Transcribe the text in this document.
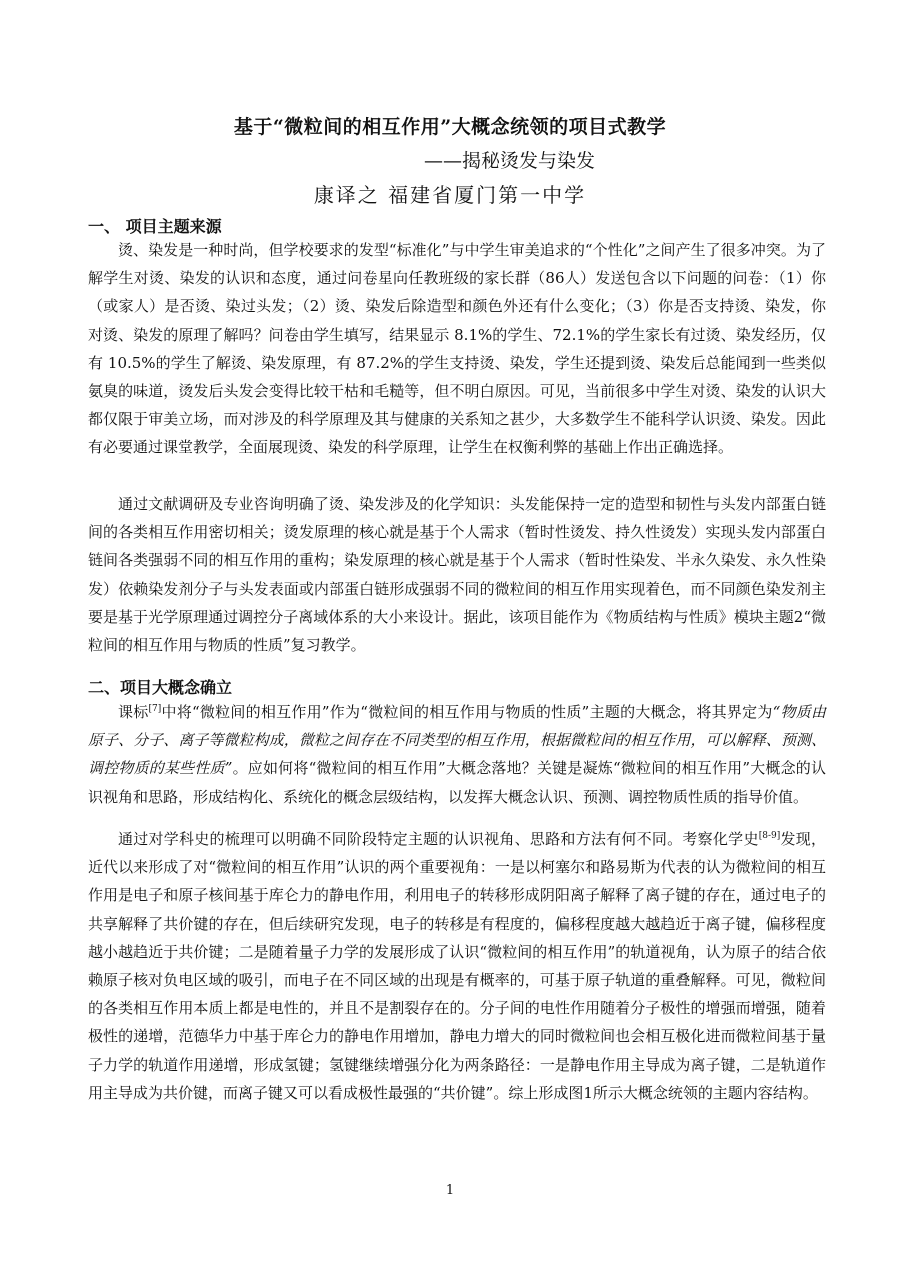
基于“微粒间的相互作用”大概念统领的项目式教学
——揭秘烫发与染发
康译之 福建省厦门第一中学
一、 项目主题来源

烫、染发是一种时尚，但学校要求的发型“标准化”与中学生审美追求的“个性化”之间产生了很多冲突。为了解学生对烫、染发的认识和态度，通过问卷星向任教班级的家长群（86人）发送包含以下问题的问卷：（1）你（或家人）是否烫、染过头发；（2）烫、染发后除造型和颜色外还有什么变化；（3）你是否支持烫、染发，你对烫、染发的原理了解吗？问卷由学生填写，结果显示 8.1%的学生、72.1%的学生家长有过烫、染发经历，仅有 10.5%的学生了解烫、染发原理，有 87.2%的学生支持烫、染发，学生还提到烫、染发后总能闻到一些类似氨臭的味道，烫发后头发会变得比较干枯和毛糙等，但不明白原因。可见，当前很多中学生对烫、染发的认识大都仅限于审美立场，而对涉及的科学原理及其与健康的关系知之甚少，大多数学生不能科学认识烫、染发。因此有必要通过课堂教学，全面展现烫、染发的科学原理，让学生在权衡利弊的基础上作出正确选择。

通过文献调研及专业咨询明确了烫、染发涉及的化学知识：头发能保持一定的造型和韧性与头发内部蛋白链间的各类相互作用密切相关；烫发原理的核心就是基于个人需求（暂时性烫发、持久性烫发）实现头发内部蛋白链间各类强弱不同的相互作用的重构；染发原理的核心就是基于个人需求（暂时性染发、半永久染发、永久性染发）依赖染发剂分子与头发表面或内部蛋白链形成强弱不同的微粒间的相互作用实现着色，而不同颜色染发剂主要是基于光学原理通过调控分子离域体系的大小来设计。据此，该项目能作为《物质结构与性质》模块主题2“微粒间的相互作用与物质的性质”复习教学。

二、项目大概念确立

课标[7]中将“微粒间的相互作用”作为“微粒间的相互作用与物质的性质”主题的大概念，将其界定为“物质由原子、分子、离子等微粒构成，微粒之间存在不同类型的相互作用，根据微粒间的相互作用，可以解释、预测、调控物质的某些性质”。应如何将“微粒间的相互作用”大概念落地？关键是凝炼“微粒间的相互作用”大概念的认识视角和思路，形成结构化、系统化的概念层级结构，以发挥大概念认识、预测、调控物质性质的指导价值。

通过对学科史的梳理可以明确不同阶段特定主题的认识视角、思路和方法有何不同。考察化学史[8-9]发现，近代以来形成了对“微粒间的相互作用”认识的两个重要视角：一是以柯塞尔和路易斯为代表的认为微粒间的相互作用是电子和原子核间基于库仑力的静电作用，利用电子的转移形成阴阳离子解释了离子键的存在，通过电子的共享解释了共价键的存在，但后续研究发现，电子的转移是有程度的，偏移程度越大越趋近于离子键，偏移程度越小越趋近于共价键；二是随着量子力学的发展形成了认识“微粒间的相互作用”的轨道视角，认为原子的结合依赖原子核对负电区域的吸引，而电子在不同区域的出现是有概率的，可基于原子轨道的重叠解释。可见，微粒间的各类相互作用本质上都是电性的，并且不是割裂存在的。分子间的电性作用随着分子极性的增强而增强，随着极性的递增，范德华力中基于库仑力的静电作用增加，静电力增大的同时微粒间也会相互极化进而微粒间基于量子力学的轨道作用递增，形成氢键；氢键继续增强分化为两条路径：一是静电作用主导成为离子键，二是轨道作用主导成为共价键，而离子键又可以看成极性最强的“共价键”。综上形成图1所示大概念统领的主题内容结构。

1
